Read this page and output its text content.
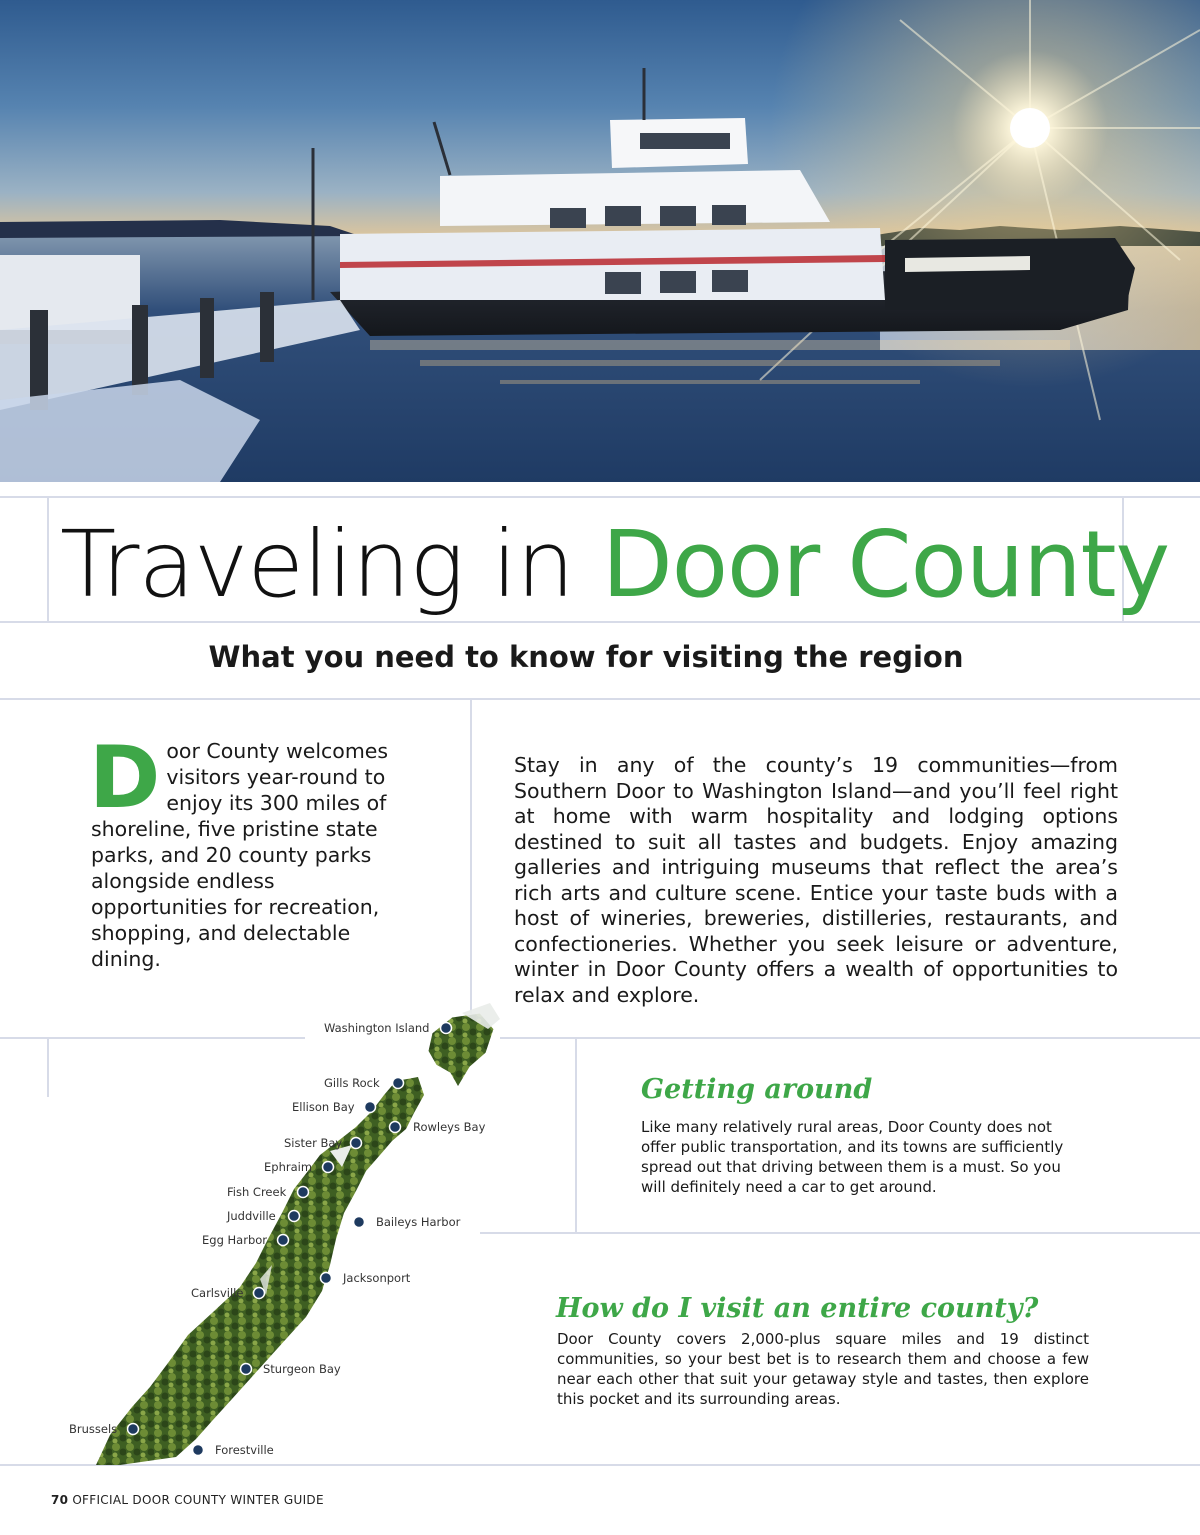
Traveling in Door County
What you need to know for visiting the region

Door County welcomes visitors year-round to enjoy its 300 miles of shoreline, five pristine state parks, and 20 county parks alongside endless opportunities for recreation, shopping, and delectable dining.

Stay in any of the county’s 19 communities—from Southern Door to Washington Island—and you’ll feel right at home with warm hospitality and lodging options destined to suit all tastes and budgets. Enjoy amazing galleries and intriguing museums that reflect the area’s rich arts and culture scene. Entice your taste buds with a host of wineries, breweries, distilleries, restaurants, and confectioneries. Whether you seek leisure or adventure, winter in Door County offers a wealth of opportunities to relax and explore.

Getting around

Like many relatively rural areas, Door County does not offer public transportation, and its towns are sufficiently spread out that driving between them is a must. So you will definitely need a car to get around.

How do I visit an entire county?

Door County covers 2,000-plus square miles and 19 distinct communities, so your best bet is to research them and choose a few near each other that suit your getaway style and tastes, then explore this pocket and its surrounding areas.

Washington Island
Gills Rock
Ellison Bay
Rowleys Bay
Sister Bay
Ephraim
Fish Creek
Juddville	Baileys Harbor
Egg Harbor
Jacksonport
Carlsville
Sturgeon Bay
Brussels
Forestville
70 OFFICIAL DOOR COUNTY WINTER GUIDE
